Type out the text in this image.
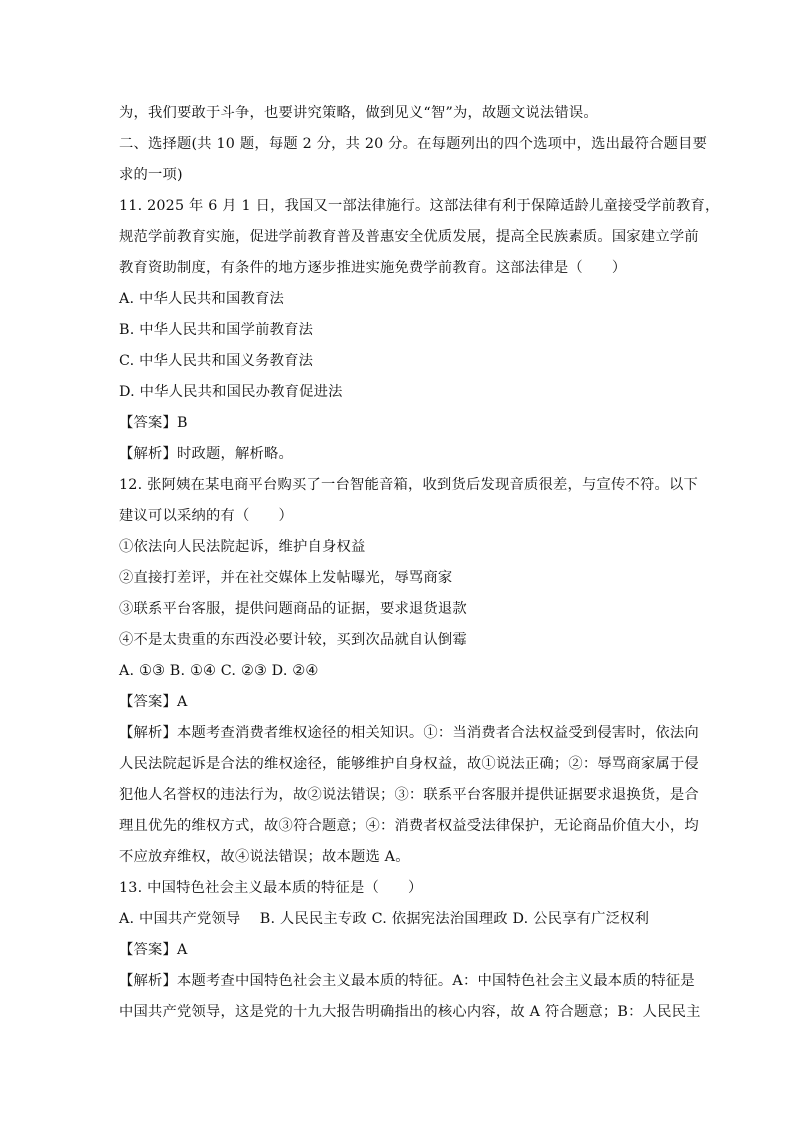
为，我们要敢于斗争，也要讲究策略，做到见义“智”为，故题文说法错误。
二、选择题(共 10 题，每题 2 分，共 20 分。在每题列出的四个选项中，选出最符合题目要
求的一项)
11. 2025 年 6 月 1 日，我国又一部法律施行。这部法律有利于保障适龄儿童接受学前教育，
规范学前教育实施，促进学前教育普及普惠安全优质发展，提高全民族素质。国家建立学前
教育资助制度，有条件的地方逐步推进实施免费学前教育。这部法律是（　　）
A. 中华人民共和国教育法
B. 中华人民共和国学前教育法
C. 中华人民共和国义务教育法
D. 中华人民共和国民办教育促进法
【答案】B
【解析】时政题，解析略。
12. 张阿姨在某电商平台购买了一台智能音箱，收到货后发现音质很差，与宣传不符。以下
建议可以采纳的有（　　）
①依法向人民法院起诉，维护自身权益
②直接打差评，并在社交媒体上发帖曝光，辱骂商家
③联系平台客服，提供问题商品的证据，要求退货退款
④不是太贵重的东西没必要计较，买到次品就自认倒霉
A. ①③ B. ①④ C. ②③ D. ②④
【答案】A
【解析】本题考查消费者维权途径的相关知识。①：当消费者合法权益受到侵害时，依法向
人民法院起诉是合法的维权途径，能够维护自身权益，故①说法正确；②：辱骂商家属于侵
犯他人名誉权的违法行为，故②说法错误；③：联系平台客服并提供证据要求退换货，是合
理且优先的维权方式，故③符合题意；④：消费者权益受法律保护，无论商品价值大小，均
不应放弃维权，故④说法错误；故本题选 A。
13. 中国特色社会主义最本质的特征是（　　）
A. 中国共产党领导　 B. 人民民主专政 C. 依据宪法治国理政 D. 公民享有广泛权利
【答案】A
【解析】本题考查中国特色社会主义最本质的特征。A：中国特色社会主义最本质的特征是
中国共产党领导，这是党的十九大报告明确指出的核心内容，故 A 符合题意；B：人民民主
